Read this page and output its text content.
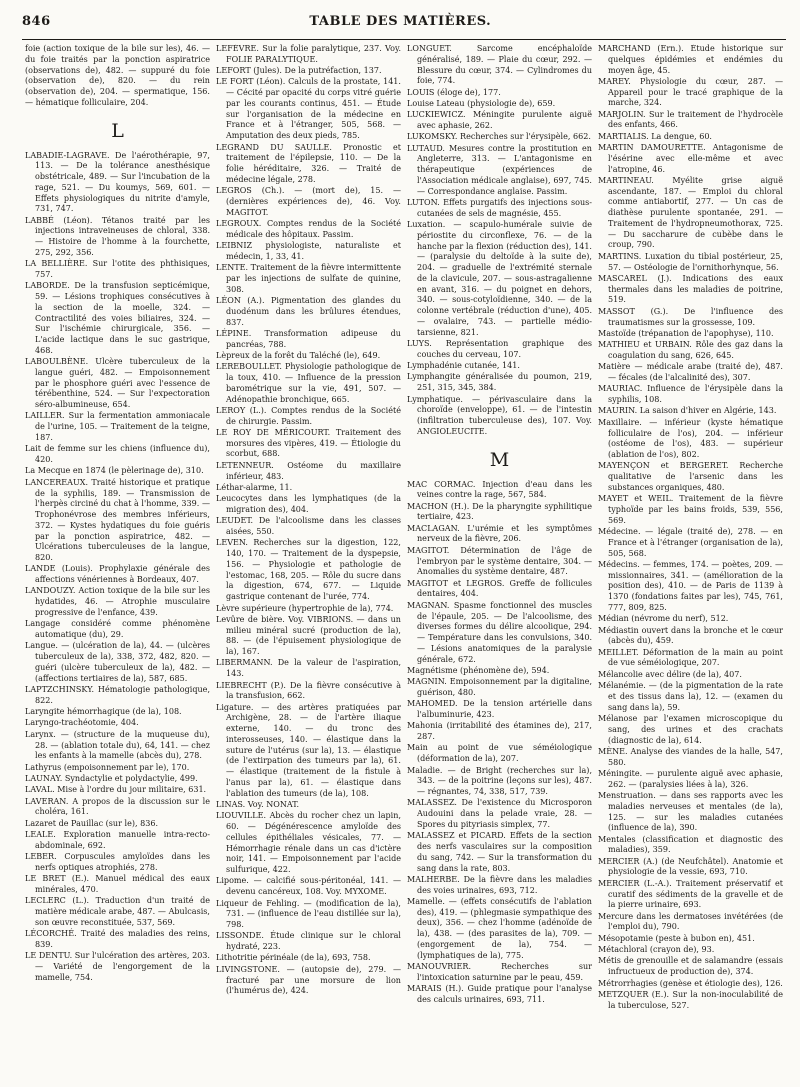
846	TABLE DES MATIÈRES.

foie (action toxique de la bile sur les), 46. — du foie traités par la ponction aspiratrice (observations de), 482. — suppuré du foie (observation de), 820. — du rein (observation de), 204. — spermatique, 156. — hématique folliculaire, 204.

L

LABADIE-LAGRAVE. De l'aérothérapie, 97, 113. — De la tolérance anesthésique obstétricale, 489. — Sur l'incubation de la rage, 521. — Du koumys, 569, 601. — Effets physiologiques du nitrite d'amyle, 731, 747.

LABBÉ (Léon). Tétanos traité par les injections intraveineuses de chloral, 338. — Histoire de l'homme à la fourchette, 275, 292, 356.

LA BELLIÈRE. Sur l'otite des phthisiques, 757.

LABORDE. De la transfusion septicémique, 59. — Lésions trophiques consécutives à la section de la moelle, 324. — Contractilité des voies biliaires, 324. — Sur l'ischémie chirurgicale, 356. — L'acide lactique dans le suc gastrique, 468.

LABOULBÈNE. Ulcère tuberculeux de la langue guéri, 482. — Empoisonnement par le phosphore guéri avec l'essence de térébenthine, 524. — Sur l'expectoration séro-albumineuse, 654.

LAILLER. Sur la fermentation ammoniacale de l'urine, 105. — Traitement de la teigne, 187.

Lait de femme sur les chiens (influence du), 420.

La Mecque en 1874 (le pèlerinage de), 310.

LANCEREAUX. Traité historique et pratique de la syphilis, 189. — Transmission de l'herpès circiné du chat à l'homme, 339. — Trophonévrose des membres inférieurs, 372. — Kystes hydatiques du foie guéris par la ponction aspiratrice, 482. — Ulcérations tuberculeuses de la langue, 820.

LANDE (Louis). Prophylaxie générale des affections vénériennes à Bordeaux, 407.

LANDOUZY. Action toxique de la bile sur les hydatides, 46. — Atrophie musculaire progressive de l'enfance, 439.

Langage considéré comme phénomène automatique (du), 29.

Langue. — (ulcération de la), 44. — (ulcères tuberculeux de la), 338, 372, 482, 820. — guéri (ulcère tuberculeux de la), 482. — (affections tertiaires de la), 587, 685.

LAPTZCHINSKY. Hématologie pathologique, 822.

Laryngite hémorrhagique (de la), 108.

Laryngo-trachéotomie, 404.

Larynx. — (structure de la muqueuse du), 28. — (ablation totale du), 64, 141. — chez les enfants à la mamelle (abcès du), 278.

Lathyrus (empoisonnement par le), 170.

LAUNAY. Syndactylie et polydactylie, 499.

LAVAL. Mise à l'ordre du jour militaire, 631.

LAVERAN. A propos de la discussion sur le choléra, 161.

Lazaret de Pauillac (sur le), 836.

LEALE. Exploration manuelle intra-recto-abdominale, 692.

LEBER. Corpuscules amyloïdes dans les nerfs optiques atrophiés, 278.

LE BRET (E.). Manuel médical des eaux minérales, 470.

LECLERC (L.). Traduction d'un traité de matière médicale arabe, 487. — Abulcasis, son œuvre reconstituée, 537, 569.

LÉCORCHÉ. Traité des maladies des reins, 839.

LE DENTU. Sur l'ulcération des artères, 203. — Variété de l'engorgement de la mamelle, 754.

LEFÈVRE. Sur la folie paralytique, 237. Voy. FOLIE PARALYTIQUE.

LEFORT (Jules). De la putréfaction, 137.

LE FORT (Léon). Calculs de la prostate, 141. — Cécité par opacité du corps vitré guérie par les courants continus, 451. — Étude sur l'organisation de la médecine en France et à l'étranger, 505, 568. — Amputation des deux pieds, 785.

LEGRAND DU SAULLE. Pronostic et traitement de l'épilepsie, 110. — De la folie héréditaire, 326. — Traité de médecine légale, 278.

LEGROS (Ch.). — (mort de), 15. — (dernières expériences de), 46. Voy. MAGITOT.

LEGROUX. Comptes rendus de la Société médicale des hôpitaux. Passim.

LEIBNIZ physiologiste, naturaliste et médecin, 1, 33, 41.

LENTE. Traitement de la fièvre intermittente par les injections de sulfate de quinine, 308.

LÉON (A.). Pigmentation des glandes du duodénum dans les brûlures étendues, 837.

LÉPINE. Transformation adipeuse du pancréas, 788.

Lèpreux de la forêt du Taléché (le), 649.

LEREBOULLET. Physiologie pathologique de la toux, 410. — Influence de la pression barométrique sur la vie, 491, 507. — Adénopathie bronchique, 665.

LEROY (L.). Comptes rendus de la Société de chirurgie. Passim.

LE ROY DE MÉRICOURT. Traitement des morsures des vipères, 419. — Étiologie du scorbut, 688.

LETENNEUR. Ostéome du maxillaire inférieur, 483.

Léthar-alarme, 11.

Leucocytes dans les lymphatiques (de la migration des), 404.

LEUDET. De l'alcoolisme dans les classes aisées, 550.

LEVEN. Recherches sur la digestion, 122, 140, 170. — Traitement de la dyspepsie, 156. — Physiologie et pathologie de l'estomac, 168, 205. — Rôle du sucre dans la digestion, 674, 677. — Liquide gastrique contenant de l'urée, 774.

Lèvre supérieure (hypertrophie de la), 774.

Levûre de bière. Voy. VIBRIONS. — dans un milieu minéral sucré (production de la), 88. — (de l'épuisement physiologique de la), 167.

LIBERMANN. De la valeur de l'aspiration, 143.

LIEBRECHT (P.). De la fièvre consécutive à la transfusion, 662.

Ligature. — des artères pratiquées par Archigène, 28. — de l'artère iliaque externe, 140. — du tronc des interosseuses, 140. — élastique dans la suture de l'utérus (sur la), 13. — élastique (de l'extirpation des tumeurs par la), 61. — élastique (traitement de la fistule à l'anus par la), 61. — élastique dans l'ablation des tumeurs (de la), 108.

LINAS. Voy. NONAT.

LIOUVILLE. Abcès du rocher chez un lapin, 60. — Dégénérescence amyloïde des cellules épithéliales vésicales, 77. — Hémorrhagie rénale dans un cas d'ictère noir, 141. — Empoisonnement par l'acide sulfurique, 422.

Lipome. — calcifié sous-péritonéal, 141. — devenu cancéreux, 108. Voy. MYXOME.

Liqueur de Fehling. — (modification de la), 731. — (influence de l'eau distillée sur la), 798.

LISSONDE. Étude clinique sur le chloral hydraté, 223.

Lithotritie périnéale (de la), 693, 758.

LIVINGSTONE. — (autopsie de), 279. — fracturé par une morsure de lion (l'humérus de), 424.

LONGUET. Sarcome encéphaloïde généralisé, 189. — Plaie du cœur, 292. — Blessure du cœur, 374. — Cylindromes du foie, 774.

LOUIS (éloge de), 177.

Louise Lateau (physiologie de), 659.

LUCKIEWICZ. Méningite purulente aiguë avec aphasie, 262.

LUKOMSKY. Recherches sur l'érysipèle, 662.

LUTAUD. Mesures contre la prostitution en Angleterre, 313. — L'antagonisme en thérapeutique (expériences de l'Association médicale anglaise), 697, 745. — Correspondance anglaise. Passim.

LUTON. Effets purgatifs des injections sous-cutanées de sels de magnésie, 455.

Luxation. — scapulo-humérale suivie de périostite du circonflexe, 76. — de la hanche par la flexion (réduction des), 141. — (paralysie du deltoïde à la suite de), 204. — graduelle de l'extrémité sternale de la clavicule, 207. — sous-astragalienne en avant, 316. — du poignet en dehors, 340. — sous-cotyloïdienne, 340. — de la colonne vertébrale (réduction d'une), 405. — ovalaire, 743. — partielle médio-tarsienne, 821.

LUYS. Représentation graphique des couches du cerveau, 107.

Lymphadénie cutanée, 141.

Lymphangite généralisée du poumon, 219, 251, 315, 345, 384.

Lymphatique. — périvasculaire dans la choroïde (enveloppe), 61. — de l'intestin (infiltration tuberculeuse des), 107. Voy. ANGIOLEUCITE.

M

MAC CORMAC. Injection d'eau dans les veines contre la rage, 567, 584.

MACHON (H.). De la pharyngite syphilitique tertiaire, 423.

MACLAGAN. L'urémie et les symptômes nerveux de la fièvre, 206.

MAGITOT. Détermination de l'âge de l'embryon par le système dentaire, 304. — Anomalies du système dentaire, 487.

MAGITOT et LEGROS. Greffe de follicules dentaires, 404.

MAGNAN. Spasme fonctionnel des muscles de l'épaule, 205. — De l'alcoolisme, des diverses formes du délire alcoolique, 294. — Température dans les convulsions, 340. — Lésions anatomiques de la paralysie générale, 672.

Magnétisme (phénomène de), 594.

MAGNIN. Empoisonnement par la digitaline, guérison, 480.

MAHOMED. De la tension artérielle dans l'albuminurie, 423.

Mahonia (irritabilité des étamines de), 217, 287.

Main au point de vue séméiologique (déformation de la), 207.

Maladie. — de Bright (recherches sur la), 343. — de la poitrine (leçons sur les), 487. — régnantes, 74, 338, 517, 739.

MALASSEZ. De l'existence du Microsporon Audouini dans la pelade vraie, 28. — Spores du pityriasis simplex, 77.

MALASSEZ et PICARD. Effets de la section des nerfs vasculaires sur la composition du sang, 742. — Sur la transformation du sang dans la rate, 803.

MALHERBE. De la fièvre dans les maladies des voies urinaires, 693, 712.

Mamelle. — (effets consécutifs de l'ablation des), 419. — (phlegmasie sympathique des deux), 356. — chez l'homme (adénoïde de la), 438. — (des parasites de la), 709. — (engorgement de la), 754. — (lymphatiques de la), 775.

MANOUVRIER. Recherches sur l'intoxication saturnine par le peau, 459.

MARAIS (H.). Guide pratique pour l'analyse des calculs urinaires, 693, 711.

MARCHAND (Ern.). Étude historique sur quelques épidémies et endémies du moyen âge, 45.

MAREY. Physiologie du cœur, 287. — Appareil pour le tracé graphique de la marche, 324.

MARJOLIN. Sur le traitement de l'hydrocèle des enfants, 466.

MARTIALIS. La dengue, 60.

MARTIN DAMOURETTE. Antagonisme de l'ésérine avec elle-même et avec l'atropine, 46.

MARTINEAU. Myélite grise aiguë ascendante, 187. — Emploi du chloral comme antiabortif, 277. — Un cas de diathèse purulente spontanée, 291. — Traitement de l'hydropneumothorax, 725. — Du saccharure de cubèbe dans le croup, 790.

MARTINS. Luxation du tibial postérieur, 25, 57. — Ostéologie de l'ornithorhynque, 56.

MASCAREL (J.). Indications des eaux thermales dans les maladies de poitrine, 519.

MASSOT (G.). De l'influence des traumatismes sur la grossesse, 109.

Mastoïde (trépanation de l'apophyse), 110.

MATHIEU et URBAIN. Rôle des gaz dans la coagulation du sang, 626, 645.

Matière — médicale arabe (traité de), 487. — fécales (de l'alcalinité des), 307.

MAURIAC. Influence de l'érysipèle dans la syphilis, 108.

MAURIN. La saison d'hiver en Algérie, 143.

Maxillaire. — inférieur (kyste hématique folliculaire de l'os), 204. — inférieur (ostéome de l'os), 483. — supérieur (ablation de l'os), 802.

MAYENÇON et BERGERET. Recherche qualitative de l'arsenic dans les substances organiques, 480.

MAYET et WEIL. Traitement de la fièvre typhoïde par les bains froids, 539, 556, 569.

Médecine. — légale (traité de), 278. — en France et à l'étranger (organisation de la), 505, 568.

Médecins. — femmes, 174. — poètes, 209. — missionnaires, 341. — (amélioration de la position des), 410. — de Paris de 1139 à 1370 (fondations faites par les), 745, 761, 777, 809, 825.

Médian (névrome du nerf), 512.

Médiastin ouvert dans la bronche et le cœur (abcès du), 459.

MEILLET. Déformation de la main au point de vue séméiologique, 207.

Mélancolie avec délire (de la), 407.

Mélanémie. — (de la pigmentation de la rate et des tissus dans la), 12. — (examen du sang dans la), 59.

Mélanose par l'examen microscopique du sang, des urines et des crachats (diagnostic de la), 614.

MÈNE. Analyse des viandes de la halle, 547, 580.

Méningite. — purulente aiguë avec aphasie, 262. — (paralysies liées à la), 326.

Menstruation. — dans ses rapports avec les maladies nerveuses et mentales (de la), 125. — sur les maladies cutanées (influence de la), 390.

Mentales (classification et diagnostic des maladies), 359.

MERCIER (A.) (de Neufchâtel). Anatomie et physiologie de la vessie, 693, 710.

MERCIER (L.-A.). Traitement préservatif et curatif des sédiments de la gravelle et de la pierre urinaire, 693.

Mercure dans les dermatoses invétérées (de l'emploi du), 790.

Mésopotamie (peste à bubon en), 451.

Métachloral (crayon de), 93.

Métis de grenouille et de salamandre (essais infructueux de production de), 374.

Métrorrhagies (genèse et étiologie des), 126.

METZQUER (E.). Sur la non-inoculabilité de la tuberculose, 527.
